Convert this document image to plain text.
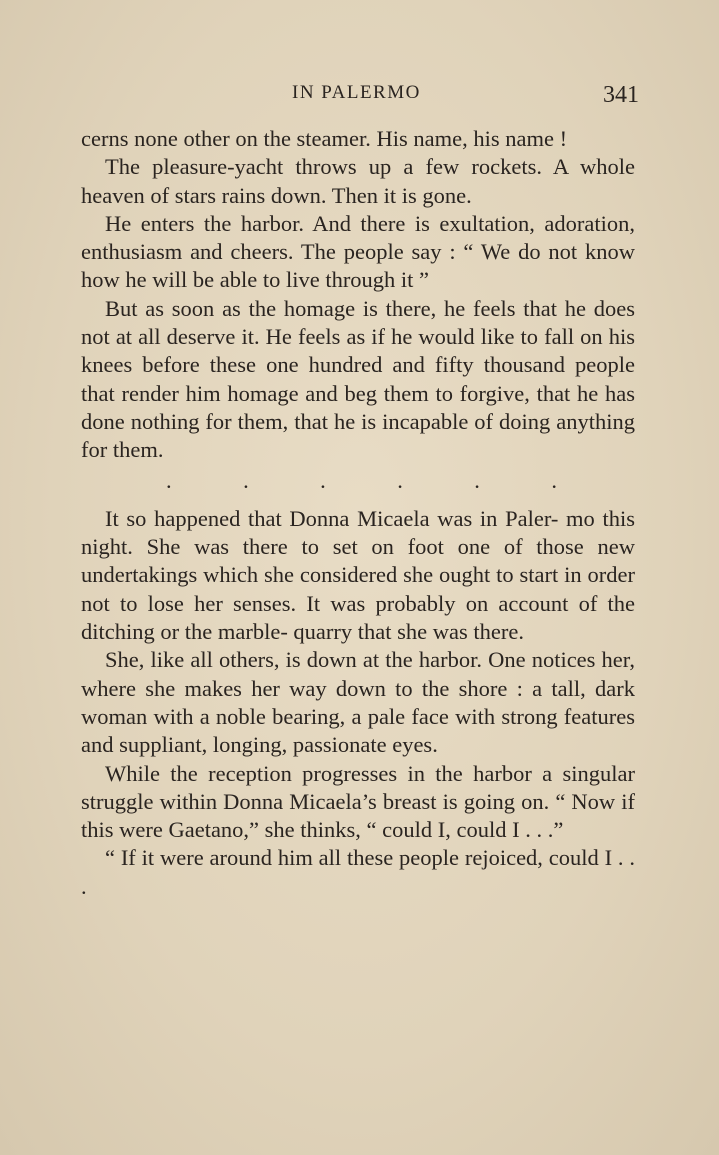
IN PALERMO	341

cerns none other on the steamer. His name, his name !

The pleasure-yacht throws up a few rockets. A whole heaven of stars rains down. Then it is gone.

He enters the harbor. And there is exultation, adoration, enthusiasm and cheers. The people say : “ We do not know how he will be able to live through it ”

But as soon as the homage is there, he feels that he does not at all deserve it. He feels as if he would like to fall on his knees before these one hundred and fifty thousand people that render him homage and beg them to forgive, that he has done nothing for them, that he is incapable of doing anything for them.

.	.	.	.	.	.

It so happened that Donna Micaela was in Paler- mo this night. She was there to set on foot one of those new undertakings which she considered she ought to start in order not to lose her senses. It was probably on account of the ditching or the marble- quarry that she was there.

She, like all others, is down at the harbor. One notices her, where she makes her way down to the shore : a tall, dark woman with a noble bearing, a pale face with strong features and suppliant, longing, passionate eyes.

While the reception progresses in the harbor a singular struggle within Donna Micaela’s breast is going on. “ Now if this were Gaetano,” she thinks, “ could I, could I . . .”

“ If it were around him all these people rejoiced, could I . . .
